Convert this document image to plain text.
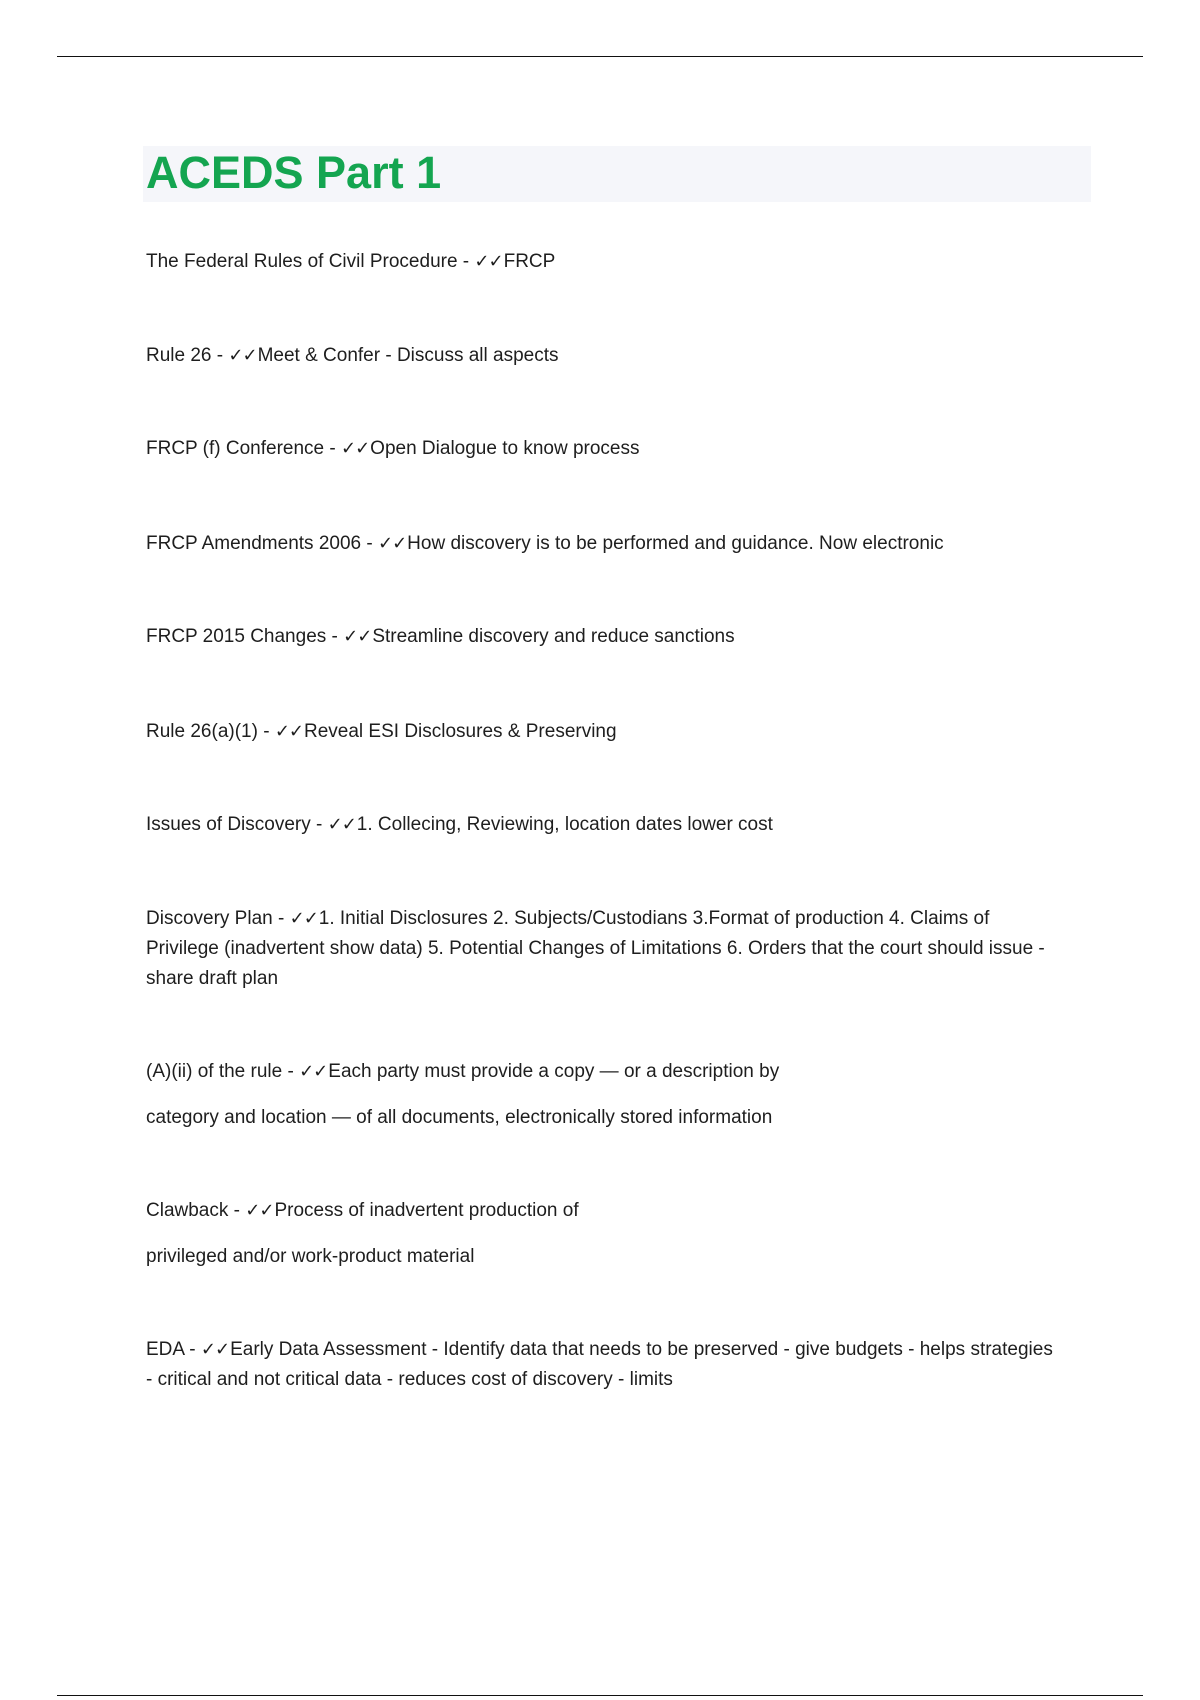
ACEDS Part 1
The Federal Rules of Civil Procedure - ✓✓FRCP
Rule 26 - ✓✓Meet & Confer - Discuss all aspects
FRCP (f) Conference - ✓✓Open Dialogue to know process
FRCP Amendments 2006 - ✓✓How discovery is to be performed and guidance. Now electronic
FRCP 2015 Changes - ✓✓Streamline discovery and reduce sanctions
Rule 26(a)(1) - ✓✓Reveal ESI Disclosures & Preserving
Issues of Discovery - ✓✓1. Collecing, Reviewing, location dates lower cost
Discovery Plan - ✓✓1. Initial Disclosures 2. Subjects/Custodians 3.Format of production 4. Claims of Privilege (inadvertent show data) 5. Potential Changes of Limitations 6. Orders that the court should issue - share draft plan
(A)(ii) of the rule - ✓✓Each party must provide a copy — or a description by
category and location — of all documents, electronically stored information
Clawback - ✓✓Process of inadvertent production of
privileged and/or work-product material
EDA - ✓✓Early Data Assessment - Identify data that needs to be preserved - give budgets - helps strategies - critical and not critical data - reduces cost of discovery - limits
